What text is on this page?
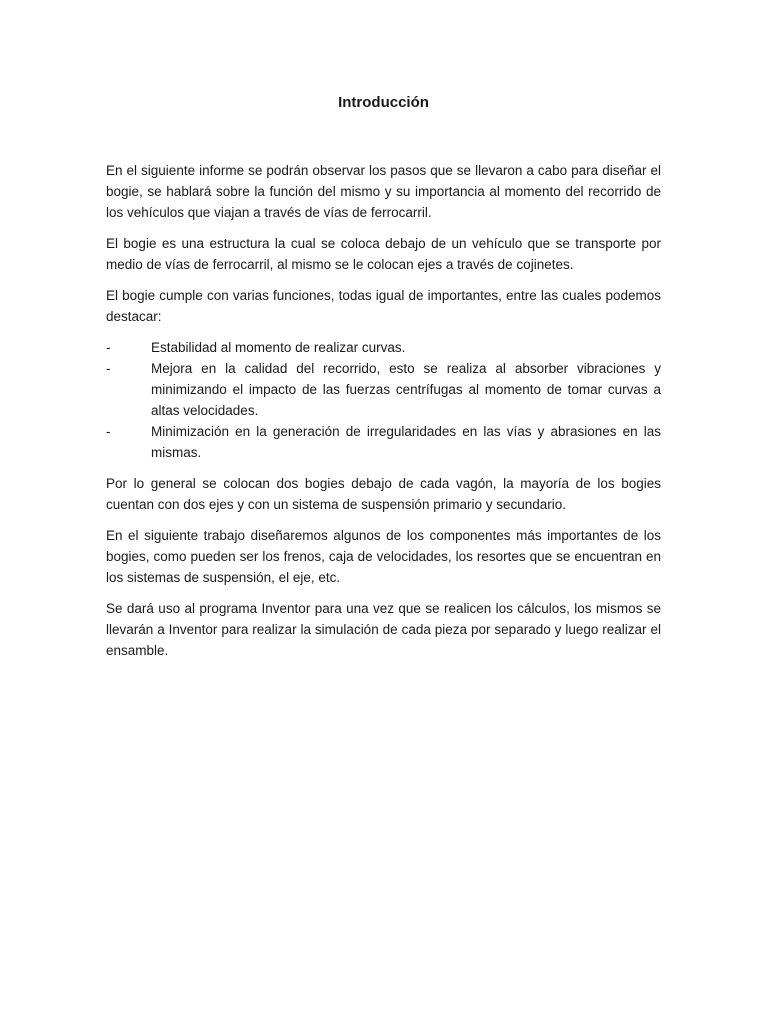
Introducción

En el siguiente informe se podrán observar los pasos que se llevaron a cabo para diseñar el bogie, se hablará sobre la función del mismo y su importancia al momento del recorrido de los vehículos que viajan a través de vías de ferrocarril.

El bogie es una estructura la cual se coloca debajo de un vehículo que se transporte por medio de vías de ferrocarril, al mismo se le colocan ejes a través de cojinetes.

El bogie cumple con varias funciones, todas igual de importantes, entre las cuales podemos destacar:

-	Estabilidad al momento de realizar curvas.
-	Mejora en la calidad del recorrido, esto se realiza al absorber vibraciones y minimizando el impacto de las fuerzas centrífugas al momento de tomar curvas a altas velocidades.
-	Minimización en la generación de irregularidades en las vías y abrasiones en las mismas.

Por lo general se colocan dos bogies debajo de cada vagón, la mayoría de los bogies cuentan con dos ejes y con un sistema de suspensión primario y secundario.

En el siguiente trabajo diseñaremos algunos de los componentes más importantes de los bogies, como pueden ser los frenos, caja de velocidades, los resortes que se encuentran en los sistemas de suspensión, el eje, etc.

Se dará uso al programa Inventor para una vez que se realicen los cálculos, los mismos se llevarán a Inventor para realizar la simulación de cada pieza por separado y luego realizar el ensamble.
